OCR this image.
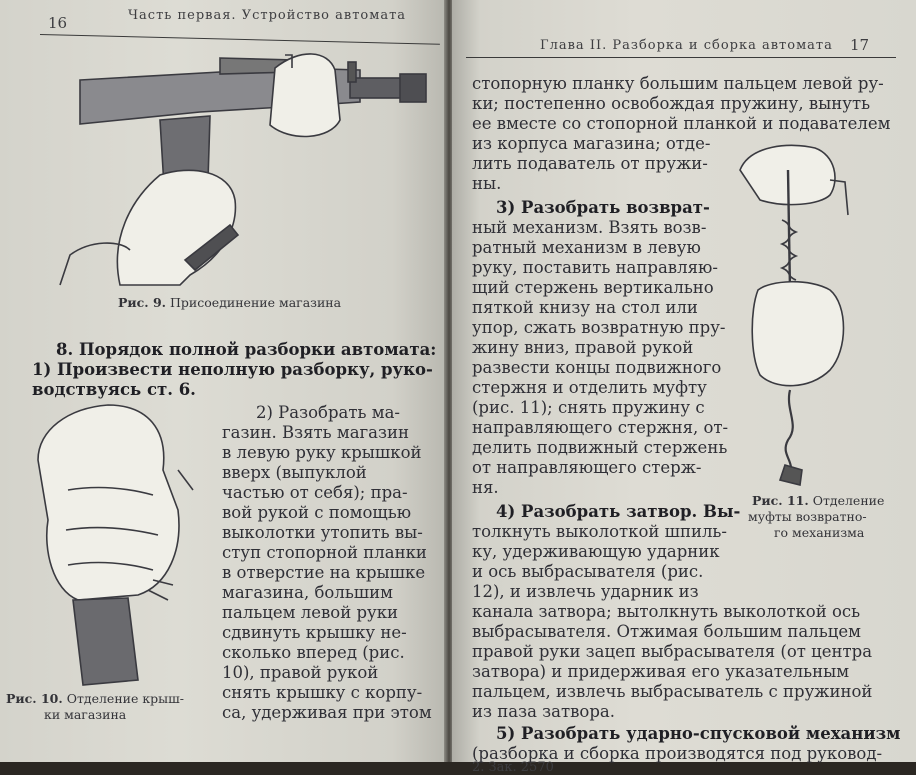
16	Часть первая. Устройство автомата
Рис. 9. Присоединение магазина
8. Порядок полной разборки автомата:
1) Произвести неполную разборку, руко-
водствуясь ст. 6.
Рис. 10. Отделение крыш-
ки магазина
2) Разобрать ма-
газин. Взять магазин
в левую руку крышкой
вверх (выпуклой
частью от себя); пра-
вой рукой с помощью
выколотки утопить вы-
ступ стопорной планки
в отверстие на крышке
магазина, большим
пальцем левой руки
сдвинуть крышку не-
сколько вперед (рис.
10), правой рукой
снять крышку с корпу-
са, удерживая при этом
Глава II. Разборка и сборка автомата 17
стопорную планку большим пальцем левой ру-
ки; постепенно освобождая пружину, вынуть
ее вместе со стопорной планкой и подавателем
из корпуса магазина; отде-
лить подаватель от пружи-
ны.
3) Разобрать возврат-
ный механизм. Взять возв-
ратный механизм в левую
руку, поставить направляю-
щий стержень вертикально
пяткой книзу на стол или
упор, сжать возвратную пру-
жину вниз, правой рукой
развести концы подвижного
стержня и отделить муфту
(рис. 11); снять пружину с
направляющего стержня, от-
делить подвижный стержень
от направляющего стерж-
ня.
Рис. 11. Отделение
муфты возвратно-
го механизма
4) Разобрать затвор. Вы-
толкнуть выколоткой шпиль-
ку, удерживающую ударник
и ось выбрасывателя (рис.
12), и извлечь ударник из
канала затвора; вытолкнуть выколоткой ось
выбрасывателя. Отжимая большим пальцем
правой руки зацеп выбрасывателя (от центра
затвора) и придерживая его указательным
пальцем, извлечь выбрасыватель с пружиной
из паза затвора.
5) Разобрать ударно-спусковой механизм
(разборка и сборка производятся под руковод-
2. Зак. 2570
